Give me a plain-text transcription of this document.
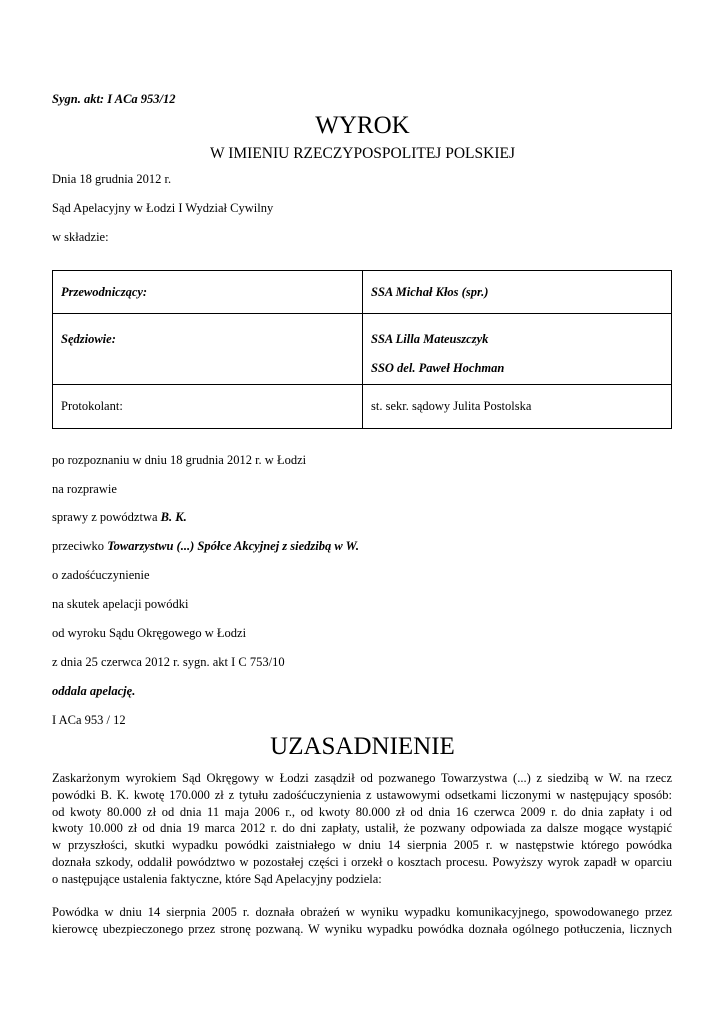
Sygn. akt: I ACa 953/12
WYROK
W IMIENIU RZECZYPOSPOLITEJ POLSKIEJ
Dnia 18 grudnia 2012 r.
Sąd Apelacyjny w Łodzi I Wydział Cywilny
w składzie:
Przewodniczący:	SSA Michał Kłos (spr.)
Sędziowie:	SSA Lilla Mateuszczyk
SSO del. Paweł Hochman

Protokolant:	st. sekr. sądowy Julita Postolska
po rozpoznaniu w dniu 18 grudnia 2012 r. w Łodzi
na rozprawie
sprawy z powództwa B. K.
przeciwko Towarzystwu (...) Spółce Akcyjnej z siedzibą w W.
o zadośćuczynienie
na skutek apelacji powódki
od wyroku Sądu Okręgowego w Łodzi
z dnia 25 czerwca 2012 r. sygn. akt I C 753/10
oddala apelację.
I ACa 953 / 12
UZASADNIENIE
Zaskarżonym wyrokiem Sąd Okręgowy w Łodzi zasądził od pozwanego Towarzystwa (...) z siedzibą w W. na rzecz
powódki B. K. kwotę 170.000 zł z tytułu zadośćuczynienia z ustawowymi odsetkami liczonymi w następujący sposób:
od kwoty 80.000 zł od dnia 11 maja 2006 r., od kwoty 80.000 zł od dnia 16 czerwca 2009 r. do dnia zapłaty i od
kwoty 10.000 zł od dnia 19 marca 2012 r. do dni zapłaty, ustalił, że pozwany odpowiada za dalsze mogące wystąpić
w przyszłości, skutki wypadku powódki zaistniałego w dniu 14 sierpnia 2005 r. w następstwie którego powódka
doznała szkody, oddalił powództwo w pozostałej części i orzekł o kosztach procesu. Powyższy wyrok zapadł w oparciu
o następujące ustalenia faktyczne, które Sąd Apelacyjny podziela:
Powódka w dniu 14 sierpnia 2005 r. doznała obrażeń w wyniku wypadku komunikacyjnego, spowodowanego przez
kierowcę ubezpieczonego przez stronę pozwaną. W wyniku wypadku powódka doznała ogólnego potłuczenia, licznych
